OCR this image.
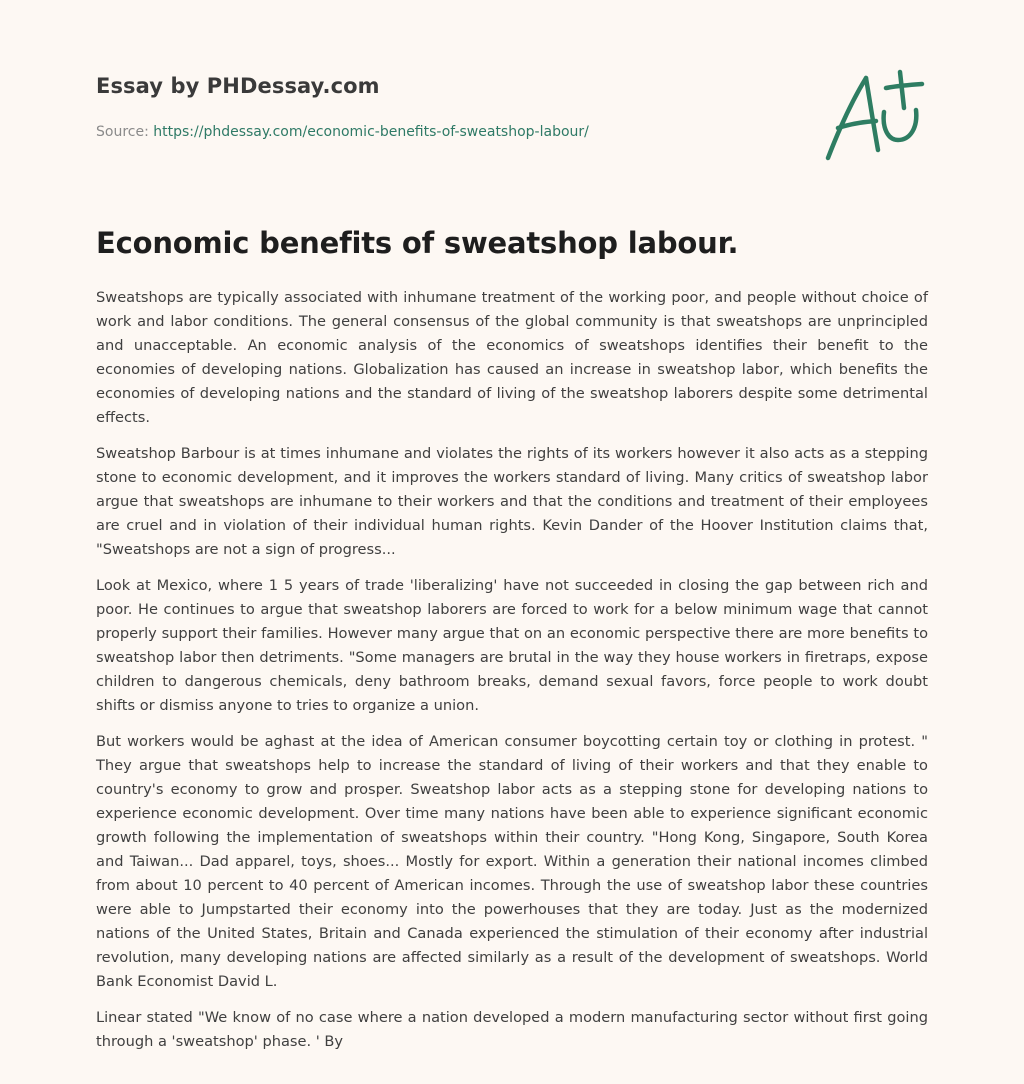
Essay by PHDessay.com
Source: https://phdessay.com/economic-benefits-of-sweatshop-labour/
Economic benefits of sweatshop labour.

Sweatshops are typically associated with inhumane treatment of the working poor, and people without choice of work and labor conditions. The general consensus of the global community is that sweatshops are unprincipled and unacceptable. An economic analysis of the economics of sweatshops identifies their benefit to the economies of developing nations. Globalization has caused an increase in sweatshop labor, which benefits the economies of developing nations and the standard of living of the sweatshop laborers despite some detrimental effects.

Sweatshop Barbour is at times inhumane and violates the rights of its workers however it also acts as a stepping stone to economic development, and it improves the workers standard of living. Many critics of sweatshop labor argue that sweatshops are inhumane to their workers and that the conditions and treatment of their employees are cruel and in violation of their individual human rights. Kevin Dander of the Hoover Institution claims that, "Sweatshops are not a sign of progress...

Look at Mexico, where 1 5 years of trade 'liberalizing' have not succeeded in closing the gap between rich and poor. He continues to argue that sweatshop laborers are forced to work for a below minimum wage that cannot properly support their families. However many argue that on an economic perspective there are more benefits to sweatshop labor then detriments. "Some managers are brutal in the way they house workers in firetraps, expose children to dangerous chemicals, deny bathroom breaks, demand sexual favors, force people to work doubt shifts or dismiss anyone to tries to organize a union.

But workers would be aghast at the idea of American consumer boycotting certain toy or clothing in protest. " They argue that sweatshops help to increase the standard of living of their workers and that they enable to country's economy to grow and prosper. Sweatshop labor acts as a stepping stone for developing nations to experience economic development. Over time many nations have been able to experience significant economic growth following the implementation of sweatshops within their country. "Hong Kong, Singapore, South Korea and Taiwan... Dad apparel, toys, shoes... Mostly for export. Within a generation their national incomes climbed from about 10 percent to 40 percent of American incomes. Through the use of sweatshop labor these countries were able to Jumpstarted their economy into the powerhouses that they are today. Just as the modernized nations of the United States, Britain and Canada experienced the stimulation of their economy after industrial revolution, many developing nations are affected similarly as a result of the development of sweatshops. World Bank Economist David L.

Linear stated "We know of no case where a nation developed a modern manufacturing sector without first going through a 'sweatshop' phase. ' By
